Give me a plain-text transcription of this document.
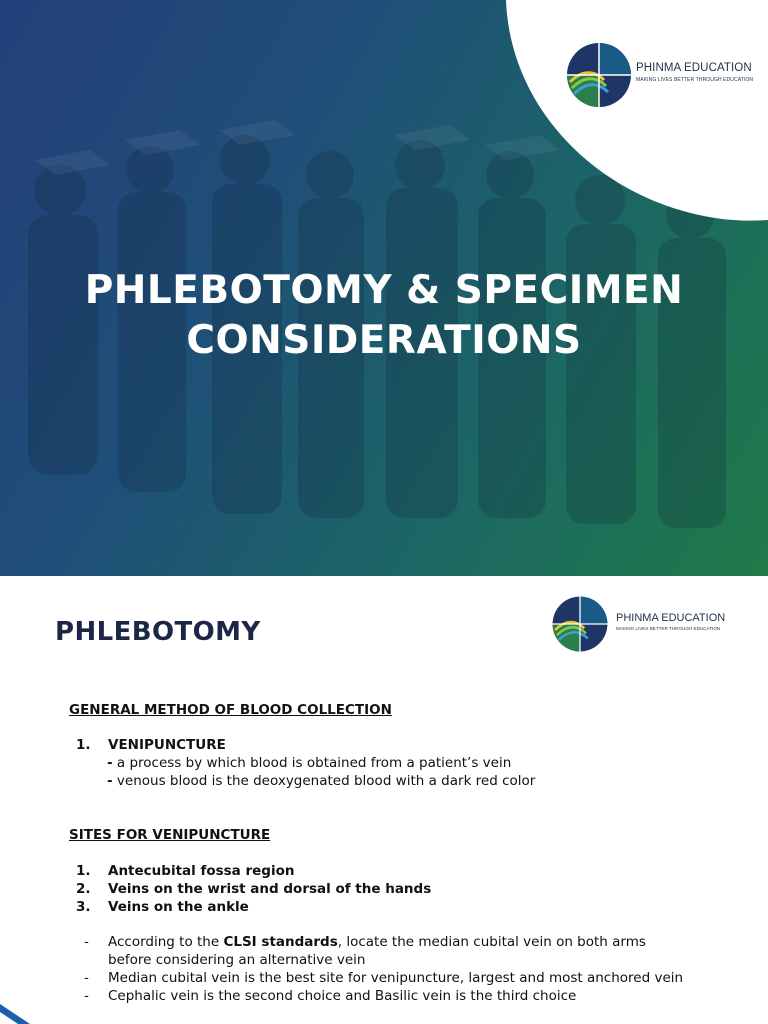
PHINMA EDUCATION
MAKING LIVES BETTER THROUGH EDUCATION
PHLEBOTOMY & SPECIMEN
CONSIDERATIONS
PHLEBOTOMY	PHINMA EDUCATION
MAKING LIVES BETTER THROUGH EDUCATION
GENERAL METHOD OF BLOOD COLLECTION
1. VENIPUNCTURE
- a process by which blood is obtained from a patient’s vein
- venous blood is the deoxygenated blood with a dark red color
SITES FOR VENIPUNCTURE
1. Antecubital fossa region
2. Veins on the wrist and dorsal of the hands
3. Veins on the ankle
- According to the CLSI standards, locate the median cubital vein on both arms
before considering an alternative vein
- Median cubital vein is the best site for venipuncture, largest and most anchored vein
- Cephalic vein is the second choice and Basilic vein is the third choice
